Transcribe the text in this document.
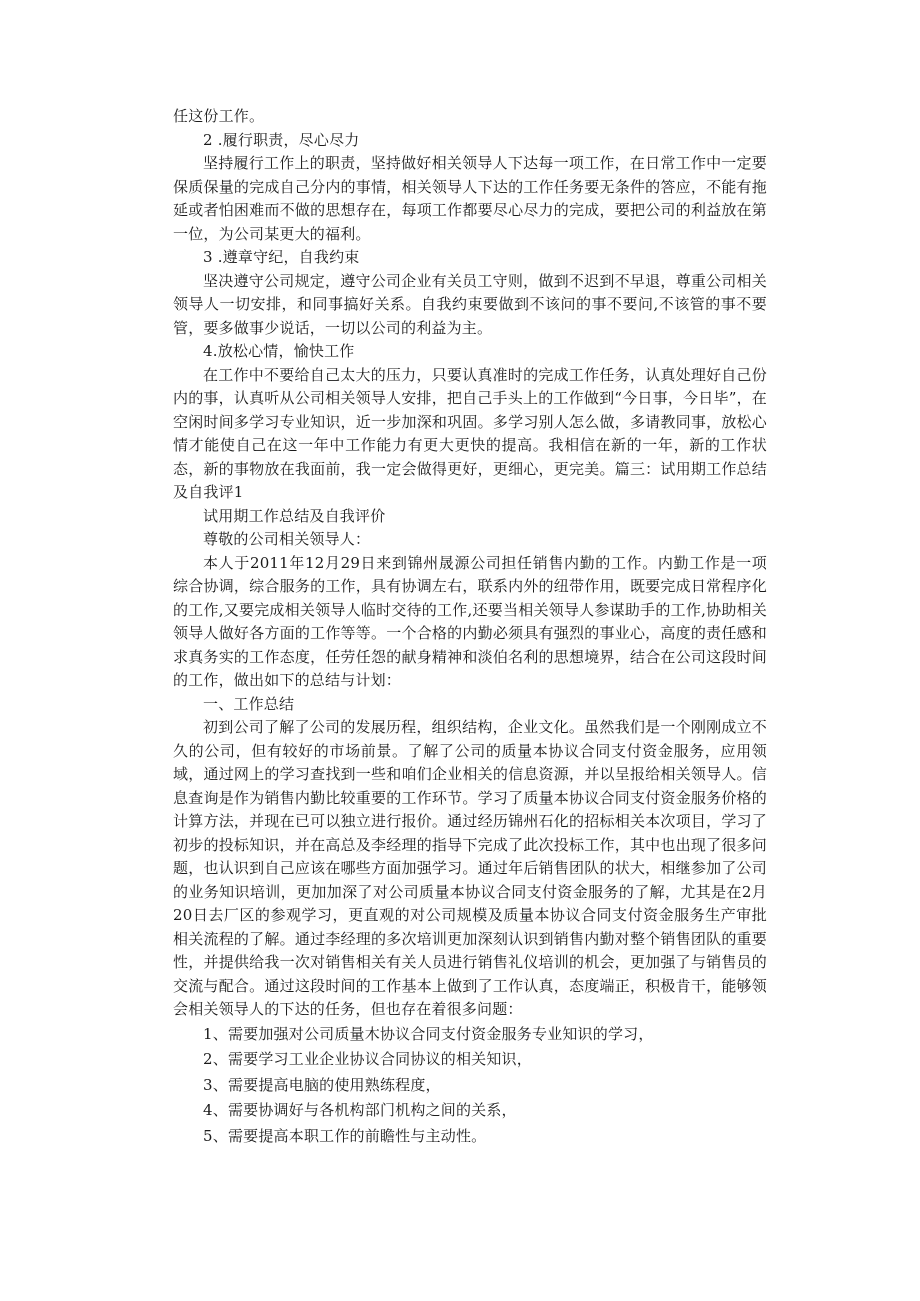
任这份工作。

2 .履行职责，尽心尽力

坚持履行工作上的职责，坚持做好相关领导人下达每一项工作，在日常工作中一定要保质保量的完成自己分内的事情，相关领导人下达的工作任务要无条件的答应，不能有拖延或者怕困难而不做的思想存在，每项工作都要尽心尽力的完成，要把公司的利益放在第一位，为公司某更大的福利。

3 .遵章守纪，自我约束

坚决遵守公司规定，遵守公司企业有关员工守则，做到不迟到不早退，尊重公司相关领导人一切安排，和同事搞好关系。自我约束要做到不该问的事不要问,不该管的事不要管，要多做事少说话，一切以公司的利益为主。

4.放松心情，愉快工作

在工作中不要给自己太大的压力，只要认真准时的完成工作任务，认真处理好自己份内的事，认真听从公司相关领导人安排，把自己手头上的工作做到“今日事，今日毕”，在空闲时间多学习专业知识，近一步加深和巩固。多学习别人怎么做，多请教同事，放松心情才能使自己在这一年中工作能力有更大更快的提高。我相信在新的一年，新的工作状态，新的事物放在我面前，我一定会做得更好，更细心，更完美。篇三：试用期工作总结及自我评1

试用期工作总结及自我评价

尊敬的公司相关领导人：

本人于2011年12月29日来到锦州晟源公司担任销售内勤的工作。内勤工作是一项综合协调，综合服务的工作，具有协调左右，联系内外的纽带作用，既要完成日常程序化的工作,又要完成相关领导人临时交待的工作,还要当相关领导人参谋助手的工作,协助相关领导人做好各方面的工作等等。一个合格的内勤必须具有强烈的事业心，高度的责任感和求真务实的工作态度，任劳任怨的献身精神和淡伯名利的思想境界，结合在公司这段时间的工作，做出如下的总结与计划：

一、工作总结

初到公司了解了公司的发展历程，组织结构，企业文化。虽然我们是一个刚刚成立不久的公司，但有较好的市场前景。了解了公司的质量本协议合同支付资金服务，应用领域，通过网上的学习查找到一些和咱们企业相关的信息资源，并以呈报给相关领导人。信息查询是作为销售内勤比较重要的工作环节。学习了质量本协议合同支付资金服务价格的计算方法，并现在已可以独立进行报价。通过经历锦州石化的招标相关本次项目，学习了初步的投标知识，并在高总及李经理的指导下完成了此次投标工作，其中也出现了很多问题，也认识到自己应该在哪些方面加强学习。通过年后销售团队的状大，相继参加了公司的业务知识培训，更加加深了对公司质量本协议合同支付资金服务的了解，尤其是在2月20日去厂区的参观学习，更直观的对公司规模及质量本协议合同支付资金服务生产审批相关流程的了解。通过李经理的多次培训更加深刻认识到销售内勤对整个销售团队的重要性，并提供给我一次对销售相关有关人员进行销售礼仪培训的机会，更加强了与销售员的交流与配合。通过这段时间的工作基本上做到了工作认真，态度端正，积极肯干，能够领会相关领导人的下达的任务，但也存在着很多问题：

1、需要加强对公司质量木协议合同支付资金服务专业知识的学习，
2、需要学习工业企业协议合同协议的相关知识，
3、需要提高电脑的使用熟练程度，
4、需要协调好与各机构部门机构之间的关系，
5、需要提高本职工作的前瞻性与主动性。
